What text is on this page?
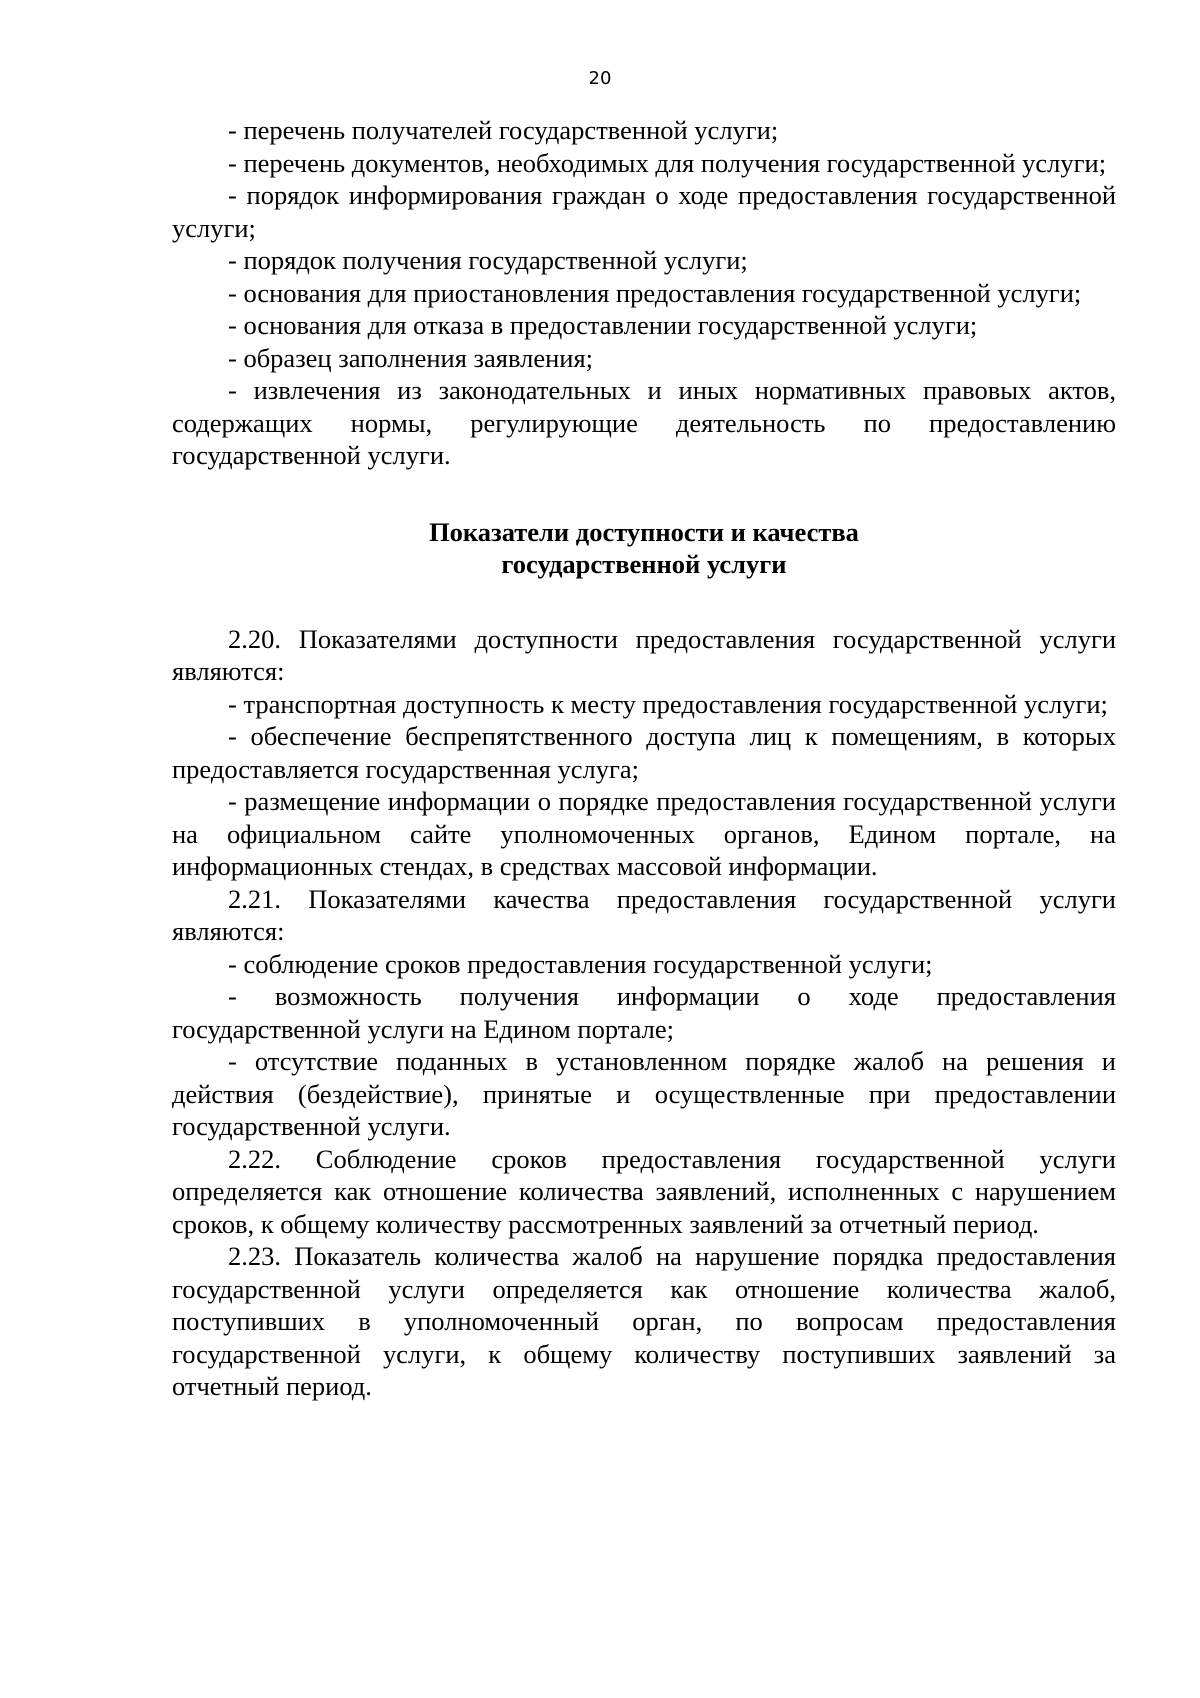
20

- перечень получателей государственной услуги;

- перечень документов, необходимых для получения государственной услуги;

- порядок информирования граждан о ходе предоставления государственной услуги;

- порядок получения государственной услуги;

- основания для приостановления предоставления государственной услуги;

- основания для отказа в предоставлении государственной услуги;

- образец заполнения заявления;

- извлечения из законодательных и иных нормативных правовых актов, содержащих нормы, регулирующие деятельность по предоставлению государственной услуги.

Показатели доступности и качества
государственной услуги

2.20. Показателями доступности предоставления государственной услуги являются:

- транспортная доступность к месту предоставления государственной услуги;

- обеспечение беспрепятственного доступа лиц к помещениям, в которых предоставляется государственная услуга;

- размещение информации о порядке предоставления государственной услуги на официальном сайте уполномоченных органов, Едином портале, на информационных стендах, в средствах массовой информации.

2.21. Показателями качества предоставления государственной услуги являются:

- соблюдение сроков предоставления государственной услуги;

- возможность получения информации о ходе предоставления государственной услуги на Едином портале;

- отсутствие поданных в установленном порядке жалоб на решения и действия (бездействие), принятые и осуществленные при предоставлении государственной услуги.

2.22. Соблюдение сроков предоставления государственной услуги определяется как отношение количества заявлений, исполненных с нарушением сроков, к общему количеству рассмотренных заявлений за отчетный период.

2.23. Показатель количества жалоб на нарушение порядка предоставления государственной услуги определяется как отношение количества жалоб, поступивших в уполномоченный орган, по вопросам предоставления государственной услуги, к общему количеству поступивших заявлений за отчетный период.
